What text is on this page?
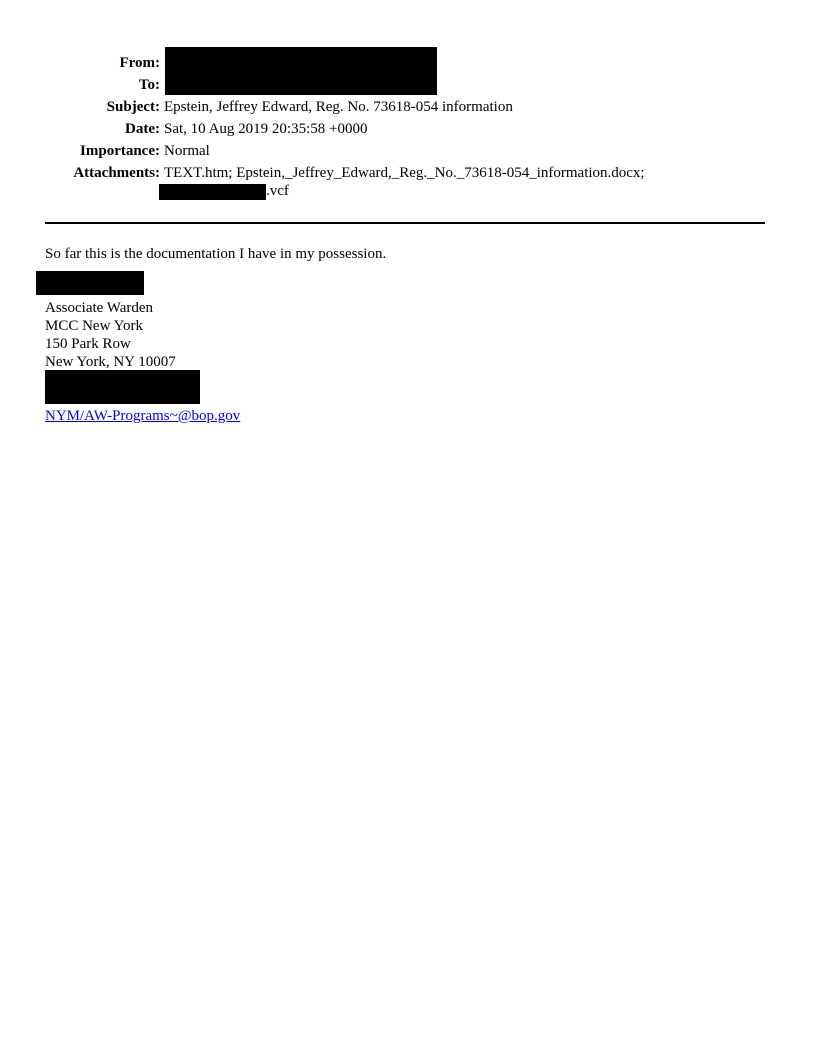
From:
To:
Subject: Epstein, Jeffrey Edward, Reg. No. 73618-054 information
Date: Sat, 10 Aug 2019 20:35:58 +0000
Importance: Normal
Attachments: TEXT.htm; Epstein,_Jeffrey_Edward,_Reg._No._73618-054_information.docx;
.vcf
So far this is the documentation I have in my possession.
Associate Warden
MCC New York
150 Park Row
New York, NY 10007
NYM/AW-Programs~@bop.gov
